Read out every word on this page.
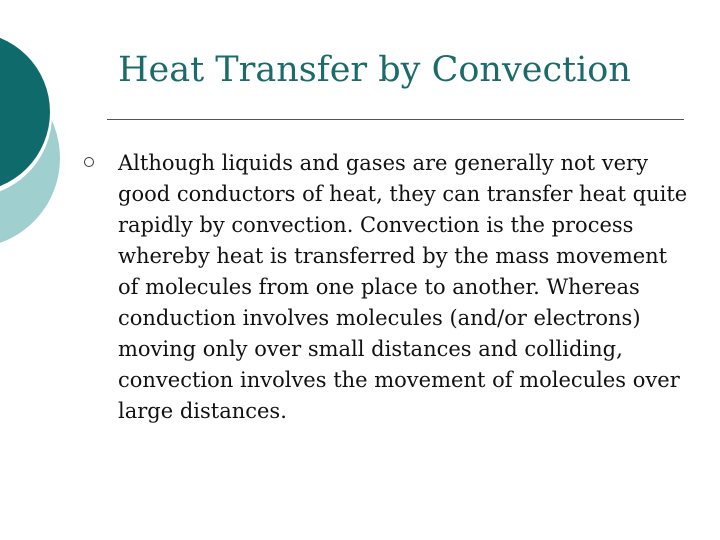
Heat Transfer by Convection

Although liquids and gases are generally not very good conductors of heat, they can transfer heat quite rapidly by convection. Convection is the process whereby heat is transferred by the mass movement of molecules from one place to another. Whereas conduction involves molecules (and/or electrons) moving only over small distances and colliding, convection involves the movement of molecules over large distances.
